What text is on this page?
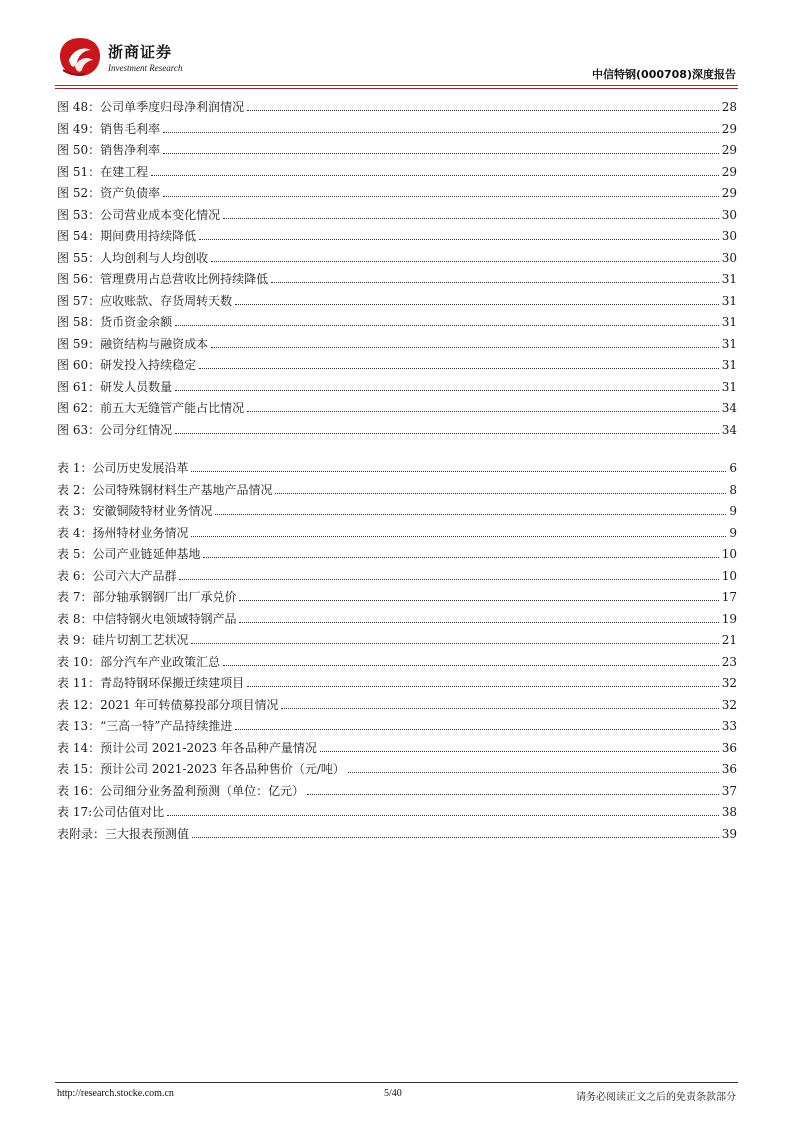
浙商证券
Investment Research	中信特钢(000708)深度报告
图 48：公司单季度归母净利润情况	28
图 49：销售毛利率	29
图 50：销售净利率	29
图 51：在建工程	29
图 52：资产负债率	29
图 53：公司营业成本变化情况	30
图 54：期间费用持续降低	30
图 55：人均创利与人均创收	30
图 56：管理费用占总营收比例持续降低	31
图 57：应收账款、存货周转天数	31
图 58：货币资金余额	31
图 59：融资结构与融资成本	31
图 60：研发投入持续稳定	31
图 61：研发人员数量	31
图 62：前五大无缝管产能占比情况	34
图 63：公司分红情况	34
表 1：公司历史发展沿革	6
表 2：公司特殊钢材料生产基地产品情况	8
表 3：安徽铜陵特材业务情况	9
表 4：扬州特材业务情况	9
表 5：公司产业链延伸基地	10
表 6：公司六大产品群	10
表 7：部分轴承钢钢厂出厂承兑价	17
表 8：中信特钢火电领域特钢产品	19
表 9：硅片切割工艺状况	21
表 10：部分汽车产业政策汇总	23
表 11：青岛特钢环保搬迁续建项目	32
表 12：2021 年可转债募投部分项目情况	32
表 13：“三高一特”产品持续推进	33
表 14：预计公司 2021-2023 年各品种产量情况	36
表 15：预计公司 2021-2023 年各品种售价（元/吨）	36
表 16：公司细分业务盈利预测（单位：亿元）	37
表 17:公司估值对比	38
表附录：三大报表预测值	39
http://research.stocke.com.cn	5/40	请务必阅读正文之后的免责条款部分
